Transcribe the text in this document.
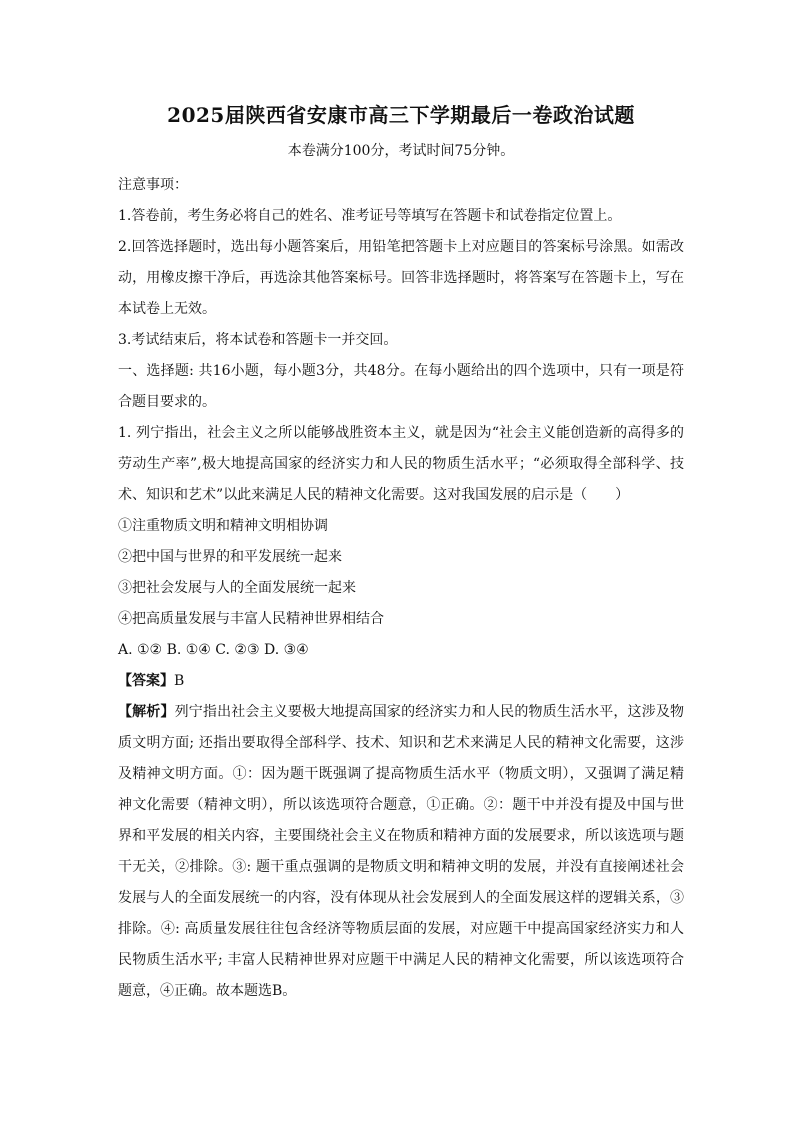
2025届陕西省安康市高三下学期最后一卷政治试题
本卷满分100分，考试时间75分钟。

注意事项：

1.答卷前，考生务必将自己的姓名、准考证号等填写在答题卡和试卷指定位置上。

2.回答选择题时，选出每小题答案后，用铅笔把答题卡上对应题目的答案标号涂黑。如需改动，用橡皮擦干净后，再选涂其他答案标号。回答非选择题时，将答案写在答题卡上，写在本试卷上无效。

3.考试结束后，将本试卷和答题卡一并交回。

一、选择题: 共16小题，每小题3分，共48分。在每小题给出的四个选项中，只有一项是符合题目要求的。

1. 列宁指出，社会主义之所以能够战胜资本主义，就是因为“社会主义能创造新的高得多的劳动生产率”,极大地提高国家的经济实力和人民的物质生活水平；“必须取得全部科学、技术、知识和艺术”以此来满足人民的精神文化需要。这对我国发展的启示是（　　）

①注重物质文明和精神文明相协调

②把中国与世界的和平发展统一起来

③把社会发展与人的全面发展统一起来

④把高质量发展与丰富人民精神世界相结合

A. ①② B. ①④ C. ②③ D. ③④

【答案】B

【解析】列宁指出社会主义要极大地提高国家的经济实力和人民的物质生活水平，这涉及物质文明方面; 还指出要取得全部科学、技术、知识和艺术来满足人民的精神文化需要，这涉及精神文明方面。①：因为题干既强调了提高物质生活水平（物质文明），又强调了满足精神文化需要（精神文明），所以该选项符合题意，①正确。②：题干中并没有提及中国与世界和平发展的相关内容，主要围绕社会主义在物质和精神方面的发展要求，所以该选项与题干无关，②排除。③: 题干重点强调的是物质文明和精神文明的发展，并没有直接阐述社会发展与人的全面发展统一的内容，没有体现从社会发展到人的全面发展这样的逻辑关系，③排除。④: 高质量发展往往包含经济等物质层面的发展，对应题干中提高国家经济实力和人民物质生活水平; 丰富人民精神世界对应题干中满足人民的精神文化需要，所以该选项符合题意，④正确。故本题选B。
